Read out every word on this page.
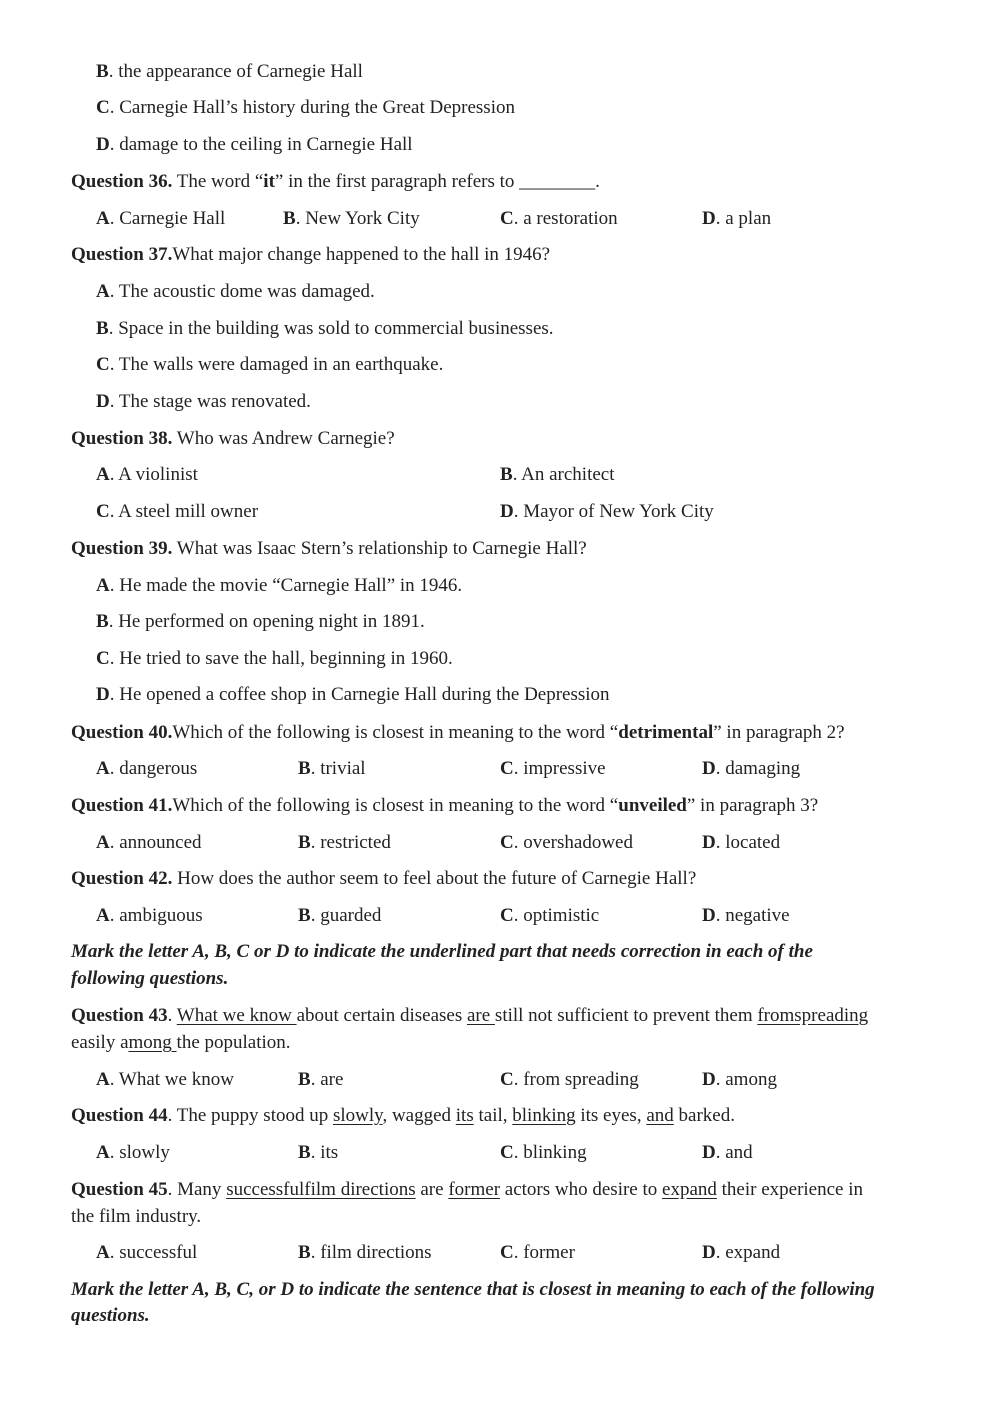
B. the appearance of Carnegie Hall
C. Carnegie Hall’s history during the Great Depression
D. damage to the ceiling in Carnegie Hall
Question 36. The word “it” in the first paragraph refers to ________.
A. Carnegie Hall	B. New York City	C. a restoration	D. a plan
Question 37.What major change happened to the hall in 1946?
A. The acoustic dome was damaged.
B. Space in the building was sold to commercial businesses.
C. The walls were damaged in an earthquake.
D. The stage was renovated.
Question 38. Who was Andrew Carnegie?
A. A violinist	B. An architect
C. A steel mill owner	D. Mayor of New York City
Question 39. What was Isaac Stern’s relationship to Carnegie Hall?
A. He made the movie “Carnegie Hall” in 1946.
B. He performed on opening night in 1891.
C. He tried to save the hall, beginning in 1960.
D. He opened a coffee shop in Carnegie Hall during the Depression
Question 40.Which of the following is closest in meaning to the word “detrimental” in paragraph 2?
A. dangerous	B. trivial	C. impressive	D. damaging
Question 41.Which of the following is closest in meaning to the word “unveiled” in paragraph 3?
A. announced	B. restricted	C. overshadowed	D. located
Question 42. How does the author seem to feel about the future of Carnegie Hall?
A. ambiguous	B. guarded	C. optimistic	D. negative
Mark the letter A, B, C or D to indicate the underlined part that needs correction in each of the
following questions.
Question 43. What we know about certain diseases are still not sufficient to prevent them fromspreading
easily among the population.
A. What we know	B. are	C. from spreading	D. among
Question 44. The puppy stood up slowly, wagged its tail, blinking its eyes, and barked.
A. slowly	B. its	C. blinking	D. and
Question 45. Many successfulfilm directions are former actors who desire to expand their experience in
the film industry.
A. successful	B. film directions	C. former	D. expand
Mark the letter A, B, C, or D to indicate the sentence that is closest in meaning to each of the following
questions.
